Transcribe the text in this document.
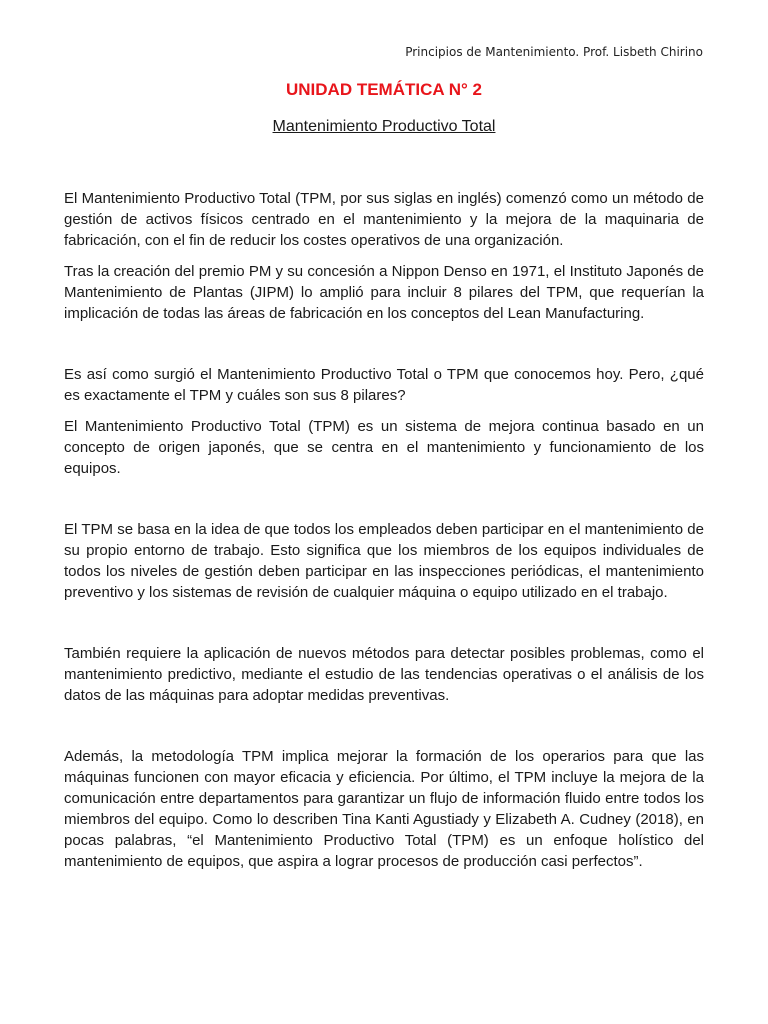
Principios de Mantenimiento. Prof. Lisbeth Chirino
UNIDAD TEMÁTICA N° 2
Mantenimiento Productivo Total

El Mantenimiento Productivo Total (TPM, por sus siglas en inglés) comenzó como un método de gestión de activos físicos centrado en el mantenimiento y la mejora de la maquinaria de fabricación, con el fin de reducir los costes operativos de una organización.

Tras la creación del premio PM y su concesión a Nippon Denso en 1971, el Instituto Japonés de Mantenimiento de Plantas (JIPM) lo amplió para incluir 8 pilares del TPM, que requerían la implicación de todas las áreas de fabricación en los conceptos del Lean Manufacturing.

Es así como surgió el Mantenimiento Productivo Total o TPM que conocemos hoy. Pero, ¿qué es exactamente el TPM y cuáles son sus 8 pilares?

El Mantenimiento Productivo Total (TPM) es un sistema de mejora continua basado en un concepto de origen japonés, que se centra en el mantenimiento y funcionamiento de los equipos.

El TPM se basa en la idea de que todos los empleados deben participar en el mantenimiento de su propio entorno de trabajo. Esto significa que los miembros de los equipos individuales de todos los niveles de gestión deben participar en las inspecciones periódicas, el mantenimiento preventivo y los sistemas de revisión de cualquier máquina o equipo utilizado en el trabajo.

También requiere la aplicación de nuevos métodos para detectar posibles problemas, como el mantenimiento predictivo, mediante el estudio de las tendencias operativas o el análisis de los datos de las máquinas para adoptar medidas preventivas.

Además, la metodología TPM implica mejorar la formación de los operarios para que las máquinas funcionen con mayor eficacia y eficiencia. Por último, el TPM incluye la mejora de la comunicación entre departamentos para garantizar un flujo de información fluido entre todos los miembros del equipo. Como lo describen Tina Kanti Agustiady y Elizabeth A. Cudney (2018), en pocas palabras, “el Mantenimiento Productivo Total (TPM) es un enfoque holístico del mantenimiento de equipos, que aspira a lograr procesos de producción casi perfectos”.
